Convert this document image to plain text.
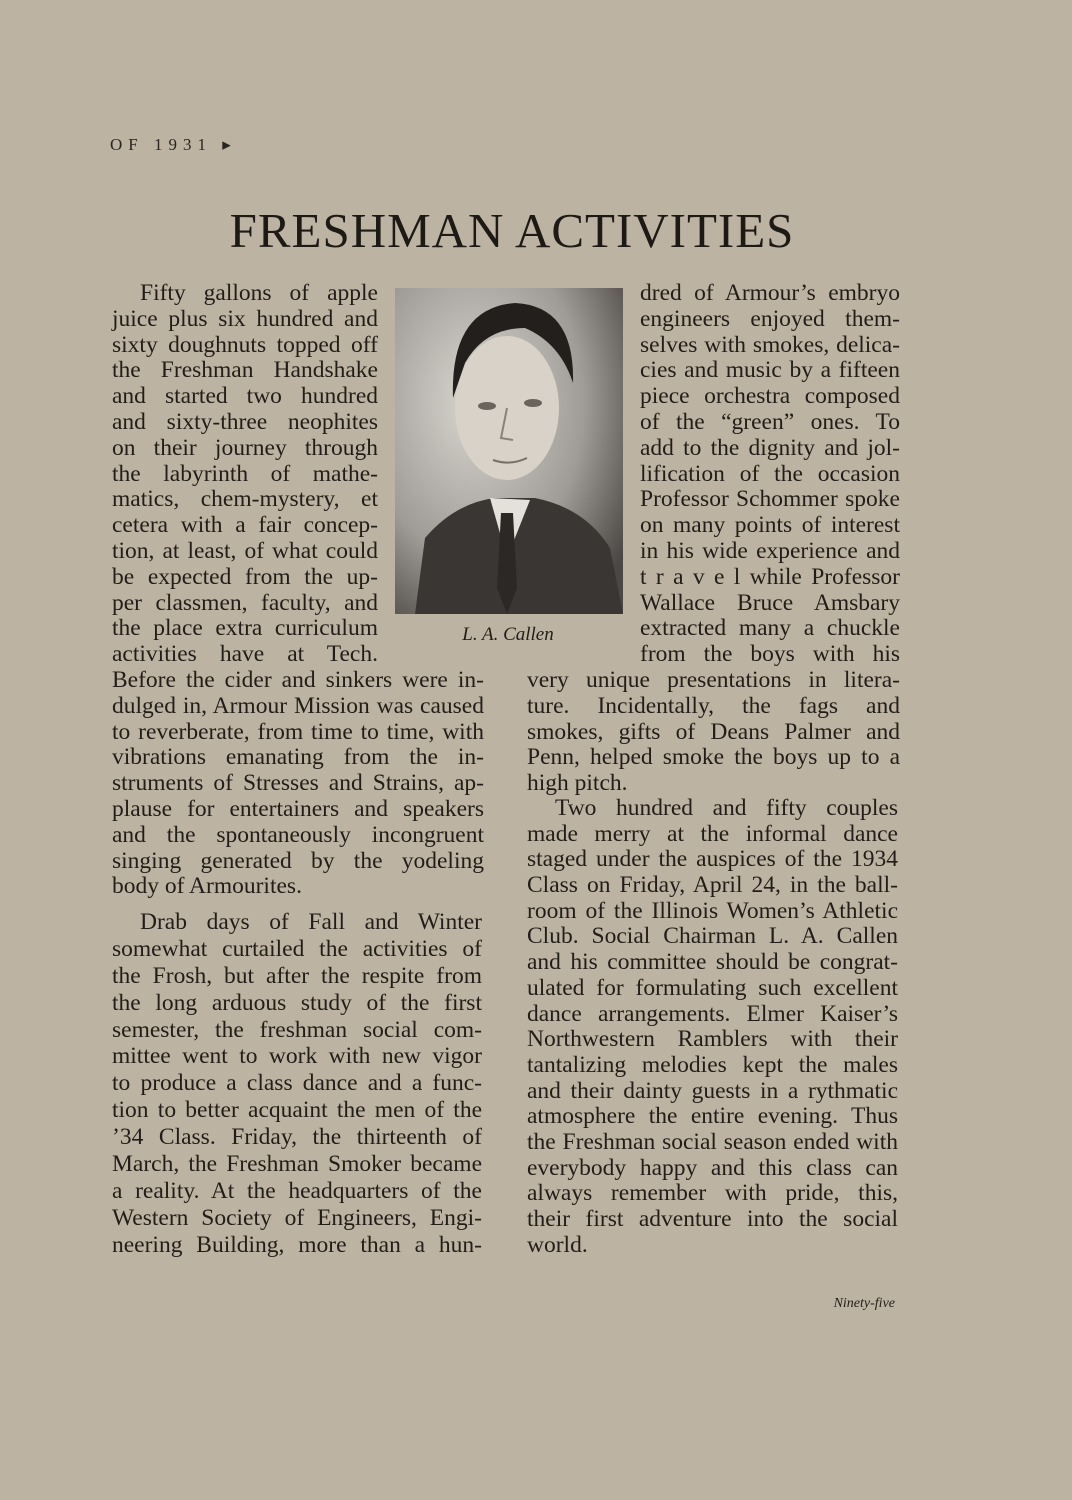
OF 1931 ▸
FRESHMAN ACTIVITIES
Fifty gallons of apple
juice plus six hundred and
sixty doughnuts topped off
the Freshman Handshake
and started two hundred
and sixty-three neophites
on their journey through
the labyrinth of mathe-
matics, chem-mystery, et
cetera with a fair concep-
tion, at least, of what could
be expected from the up-
per classmen, faculty, and
the place extra curriculum
activities have at Tech.
Before the cider and sinkers were in-
dulged in, Armour Mission was caused
to reverberate, from time to time, with
vibrations emanating from the in-
struments of Stresses and Strains, ap-
plause for entertainers and speakers
and the spontaneously incongruent
singing generated by the yodeling
body of Armourites.
Drab days of Fall and Winter
somewhat curtailed the activities of
the Frosh, but after the respite from
the long arduous study of the first
semester, the freshman social com-
mittee went to work with new vigor
to produce a class dance and a func-
tion to better acquaint the men of the
’34 Class. Friday, the thirteenth of
March, the Freshman Smoker became
a reality. At the headquarters of the
Western Society of Engineers, Engi-
neering Building, more than a hun-
dred of Armour’s embryo
engineers enjoyed them-
selves with smokes, delica-
cies and music by a fifteen
piece orchestra composed
of the “green” ones. To
add to the dignity and jol-
lification of the occasion
Professor Schommer spoke
on many points of interest
in his wide experience and
t r a v e l while Professor
Wallace Bruce Amsbary
extracted many a chuckle
from the boys with his
very unique presentations in litera-
ture. Incidentally, the fags and
smokes, gifts of Deans Palmer and
Penn, helped smoke the boys up to a
high pitch.
Two hundred and fifty couples
made merry at the informal dance
staged under the auspices of the 1934
Class on Friday, April 24, in the ball-
room of the Illinois Women’s Athletic
Club. Social Chairman L. A. Callen
and his committee should be congrat-
ulated for formulating such excellent
dance arrangements. Elmer Kaiser’s
Northwestern Ramblers with their
tantalizing melodies kept the males
and their dainty guests in a rythmatic
atmosphere the entire evening. Thus
the Freshman social season ended with
everybody happy and this class can
always remember with pride, this,
their first adventure into the social
world.
L. A. Callen
Ninety-five
